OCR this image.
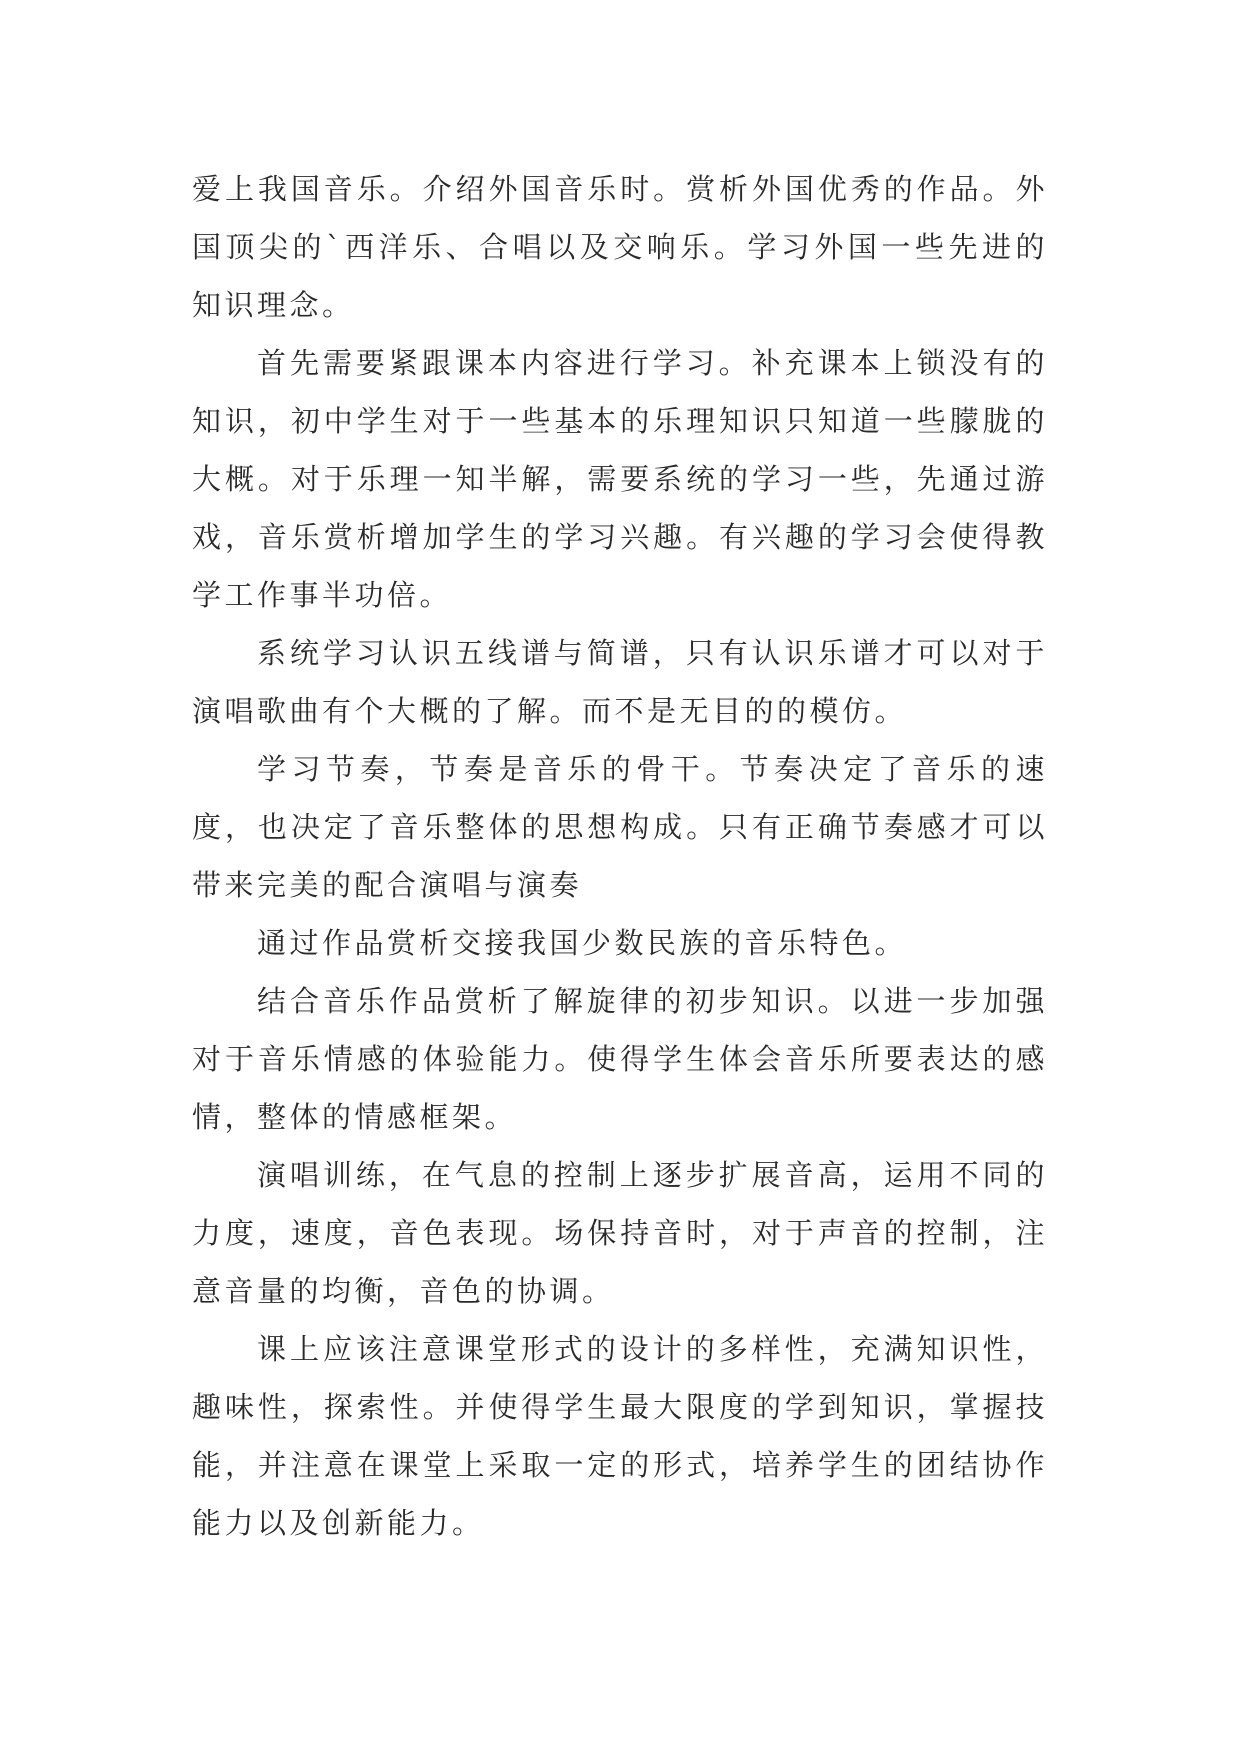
爱上我国音乐。介绍外国音乐时。赏析外国优秀的作品。外国顶尖的`西洋乐、合唱以及交响乐。学习外国一些先进的知识理念。

首先需要紧跟课本内容进行学习。补充课本上锁没有的知识，初中学生对于一些基本的乐理知识只知道一些朦胧的大概。对于乐理一知半解，需要系统的学习一些，先通过游戏，音乐赏析增加学生的学习兴趣。有兴趣的学习会使得教学工作事半功倍。

系统学习认识五线谱与简谱，只有认识乐谱才可以对于演唱歌曲有个大概的了解。而不是无目的的模仿。

学习节奏，节奏是音乐的骨干。节奏决定了音乐的速度，也决定了音乐整体的思想构成。只有正确节奏感才可以带来完美的配合演唱与演奏

通过作品赏析交接我国少数民族的音乐特色。

结合音乐作品赏析了解旋律的初步知识。以进一步加强对于音乐情感的体验能力。使得学生体会音乐所要表达的感情，整体的情感框架。

演唱训练，在气息的控制上逐步扩展音高，运用不同的力度，速度，音色表现。场保持音时，对于声音的控制，注意音量的均衡，音色的协调。

课上应该注意课堂形式的设计的多样性，充满知识性，趣味性，探索性。并使得学生最大限度的学到知识，掌握技能，并注意在课堂上采取一定的形式，培养学生的团结协作能力以及创新能力。
